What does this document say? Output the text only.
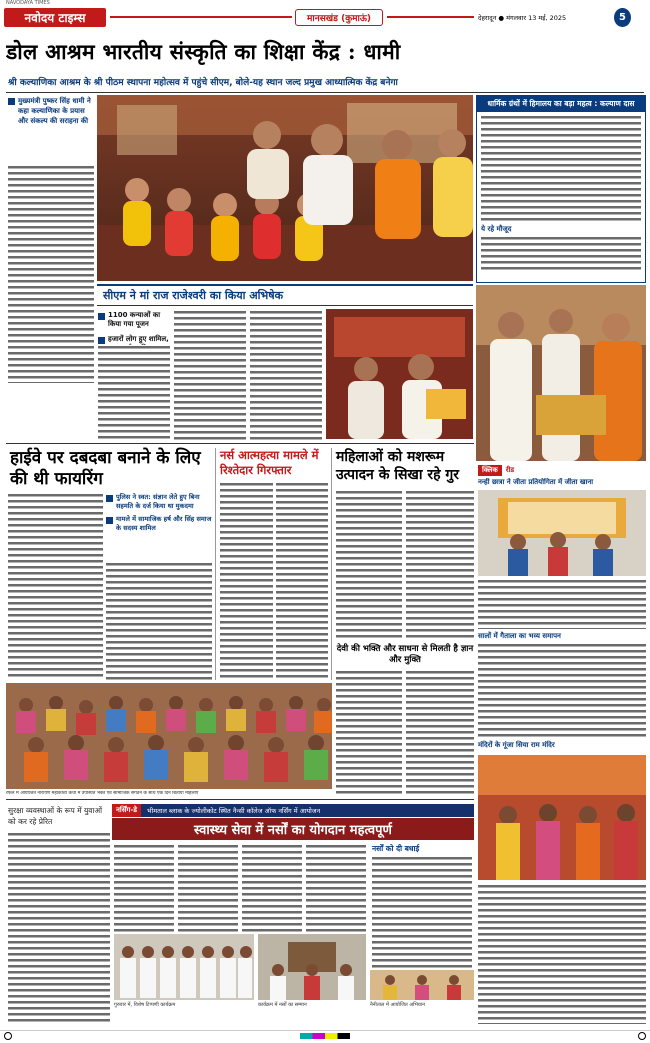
NAVODAYA TIMES
नवोदय टाइम्स	मानसखंड (कुमाऊं)	देहरादून ● मंगलवार 13 मई, 2025	5
डोल आश्रम भारतीय संस्कृति का शिक्षा केंद्र : धामी
श्री कल्याणिका आश्रम के श्री पीठम स्थापना महोत्सव में पहुंचे सीएम, बोले-यह स्थान जल्द प्रमुख आध्यात्मिक केंद्र बनेगा
मुख्यमंत्री पुष्कर सिंह धामी ने कहा कल्याणिका के प्रयास और संकल्प की सराहना की
धार्मिक ग्रंथों में हिमालय का बड़ा महत्व : कल्याण दास
ये रहे मौजूद
सीएम ने मां राज राजेश्वरी का किया अभिषेक
1100 कन्याओं का किया गया पूजन
हजारों लोग हुए शामिल,
हाईवे पर दबदबा बनाने के लिए की थी फायरिंग
पुलिस ने स्वत: संज्ञान लेते हुए बिना सहमति के दर्ज किया था मुकदमा
मामले में सामाजिक हर्ष और सिंह समाज के सदस्य शामिल
नर्स आत्महत्या मामले में रिश्तेदार गिरफ्तार
महिलाओं को मशरूम उत्पादन के सिखा रहे गुर
देवी की भक्ति और साधना से मिलती है ज्ञान और मुक्ति
रैफेल में आयोजित नारायण महाकाव्य कथा में उपस्थित भक्त एवं सामाजिक संगठन के साथ एक दिन बिताया महिलाएं
क्लिक	रीड
नन्ही छात्रा ने जीता प्रतियोगिता में जीता खाना
सालों में गैताला का भव्य समापन
मंदिरों के गूंजा सिया राम मंदिर
सुरक्षा व्यवस्थाओं के रूप में युवाओं को कर रहे प्रेरित
नर्सिंग-डे	भीमताल ब्लाक के ज्योलीकोट स्थित नैन्सी कॉलेज ऑफ नर्सिंग में आयोजन
स्वास्थ्य सेवा में नर्सों का योगदान महत्वपूर्ण
नर्सों को दी बधाई
गुरुवार में, विशेष टिप्पणी कार्यक्रम	कार्यक्रम में नर्सों का सम्मान	नैनीताल में आयोजित अभियान
